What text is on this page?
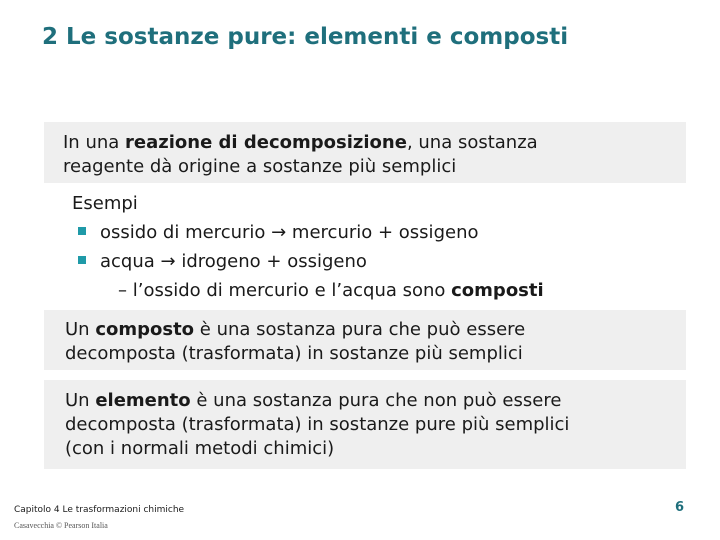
2 Le sostanze pure: elementi e composti
In una reazione di decomposizione, una sostanza
reagente dà origine a sostanze più semplici
Esempi
ossido di mercurio → mercurio + ossigeno
acqua → idrogeno + ossigeno
– l’ossido di mercurio e l’acqua sono composti
Un composto è una sostanza pura che può essere
decomposta (trasformata) in sostanze più semplici
Un elemento è una sostanza pura che non può essere
decomposta (trasformata) in sostanze pure più semplici
(con i normali metodi chimici)
Capitolo 4 Le trasformazioni chimiche
Casavecchia © Pearson Italia
6
